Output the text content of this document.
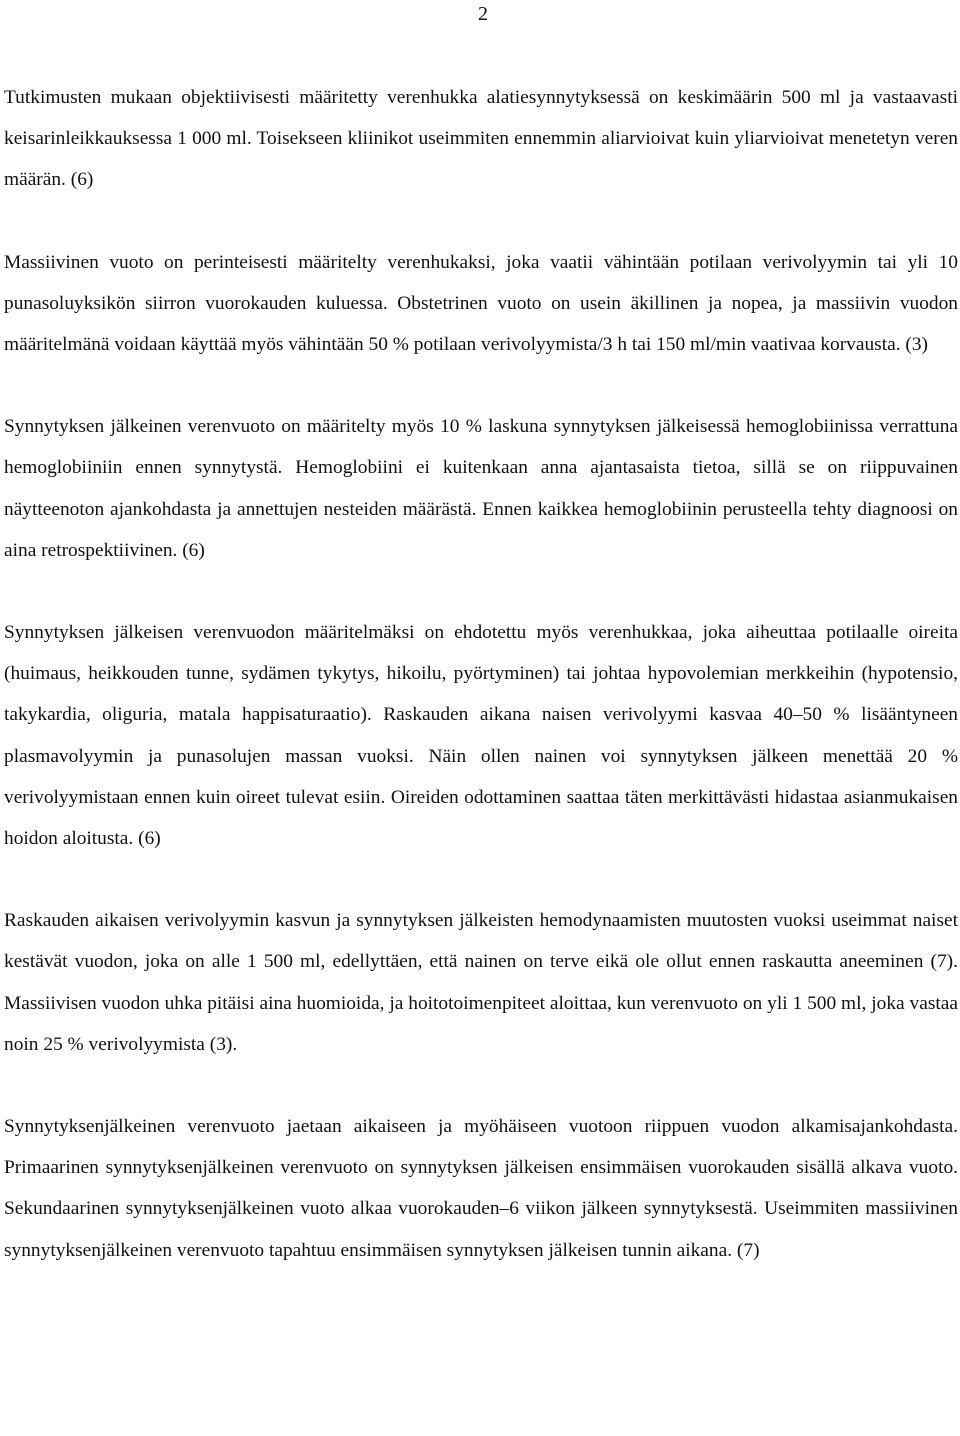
2

Tutkimusten mukaan objektiivisesti määritetty verenhukka alatiesynnytyksessä on keskimäärin 500 ml ja vastaavasti keisarinleikkauksessa 1 000 ml. Toisekseen kliinikot useimmiten ennemmin aliarvioivat kuin yliarvioivat menetetyn veren määrän. (6)

Massiivinen vuoto on perinteisesti määritelty verenhukaksi, joka vaatii vähintään potilaan verivolyymin tai yli 10 punasoluyksikön siirron vuorokauden kuluessa. Obstetrinen vuoto on usein äkillinen ja nopea, ja massiivin vuodon määritelmänä voidaan käyttää myös vähintään 50 % potilaan verivolyymista/3 h tai 150 ml/min vaativaa korvausta. (3)

Synnytyksen jälkeinen verenvuoto on määritelty myös 10 % laskuna synnytyksen jälkeisessä hemoglobiinissa verrattuna hemoglobiiniin ennen synnytystä. Hemoglobiini ei kuitenkaan anna ajantasaista tietoa, sillä se on riippuvainen näytteenoton ajankohdasta ja annettujen nesteiden määrästä. Ennen kaikkea hemoglobiinin perusteella tehty diagnoosi on aina retrospektiivinen. (6)

Synnytyksen jälkeisen verenvuodon määritelmäksi on ehdotettu myös verenhukkaa, joka aiheuttaa potilaalle oireita (huimaus, heikkouden tunne, sydämen tykytys, hikoilu, pyörtyminen) tai johtaa hypovolemian merkkeihin (hypotensio, takykardia, oliguria, matala happisaturaatio). Raskauden aikana naisen verivolyymi kasvaa 40–50 % lisääntyneen plasmavolyymin ja punasolujen massan vuoksi. Näin ollen nainen voi synnytyksen jälkeen menettää 20 % verivolyymistaan ennen kuin oireet tulevat esiin. Oireiden odottaminen saattaa täten merkittävästi hidastaa asianmukaisen hoidon aloitusta. (6)

Raskauden aikaisen verivolyymin kasvun ja synnytyksen jälkeisten hemodynaamisten muutosten vuoksi useimmat naiset kestävät vuodon, joka on alle 1 500 ml, edellyttäen, että nainen on terve eikä ole ollut ennen raskautta aneeminen (7). Massiivisen vuodon uhka pitäisi aina huomioida, ja hoitotoimenpiteet aloittaa, kun verenvuoto on yli 1 500 ml, joka vastaa noin 25 % verivolyymista (3).

Synnytyksenjälkeinen verenvuoto jaetaan aikaiseen ja myöhäiseen vuotoon riippuen vuodon alkamisajankohdasta. Primaarinen synnytyksenjälkeinen verenvuoto on synnytyksen jälkeisen ensimmäisen vuorokauden sisällä alkava vuoto. Sekundaarinen synnytyksenjälkeinen vuoto alkaa vuorokauden–6 viikon jälkeen synnytyksestä. Useimmiten massiivinen synnytyksenjälkeinen verenvuoto tapahtuu ensimmäisen synnytyksen jälkeisen tunnin aikana. (7)
